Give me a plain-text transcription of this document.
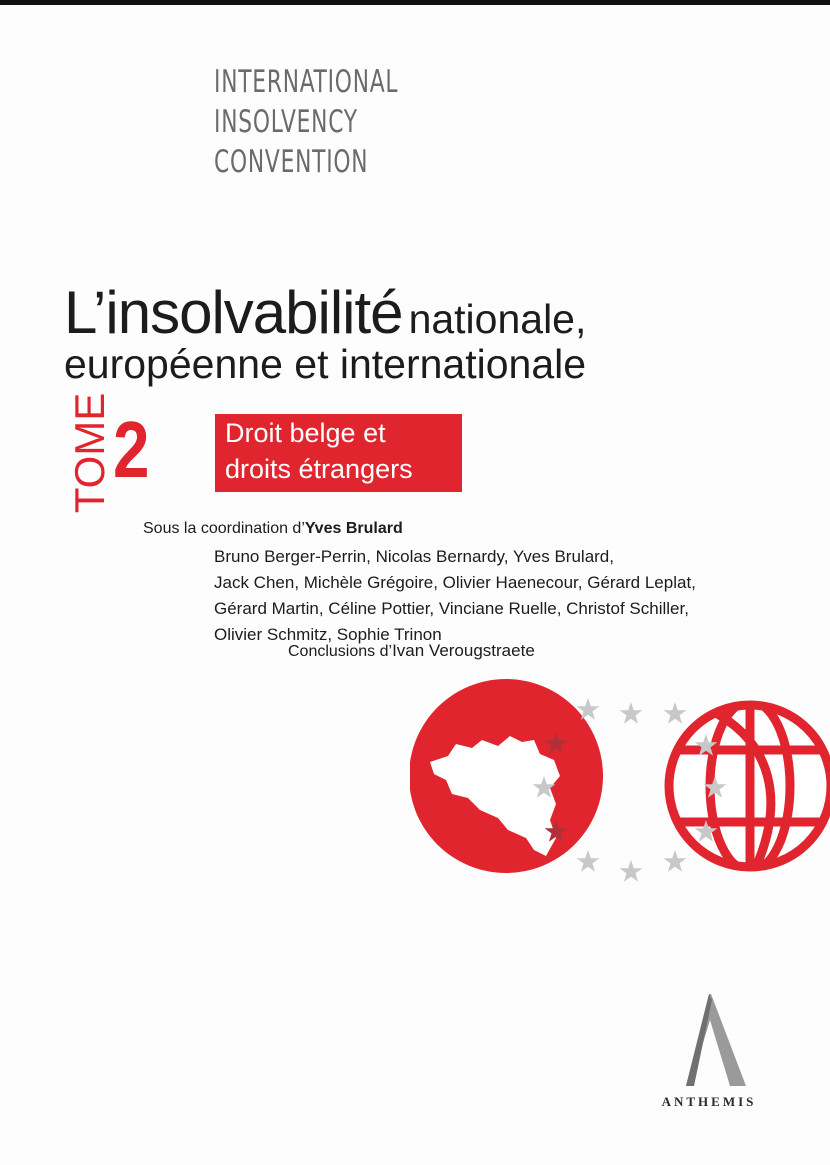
INTERNATIONAL
INSOLVENCY
CONVENTION
L’insolvabilité nationale,
européenne et internationale
TOME 2	Droit belge et
droits étrangers
Sous la coordination d’Yves Brulard
Bruno Berger-Perrin, Nicolas Bernardy, Yves Brulard,
Jack Chen, Michèle Grégoire, Olivier Haenecour, Gérard Leplat,
Gérard Martin, Céline Pottier, Vinciane Ruelle, Christof Schiller,
Olivier Schmitz, Sophie Trinon
Conclusions d’Ivan Verougstraete
ANTHEMIS
